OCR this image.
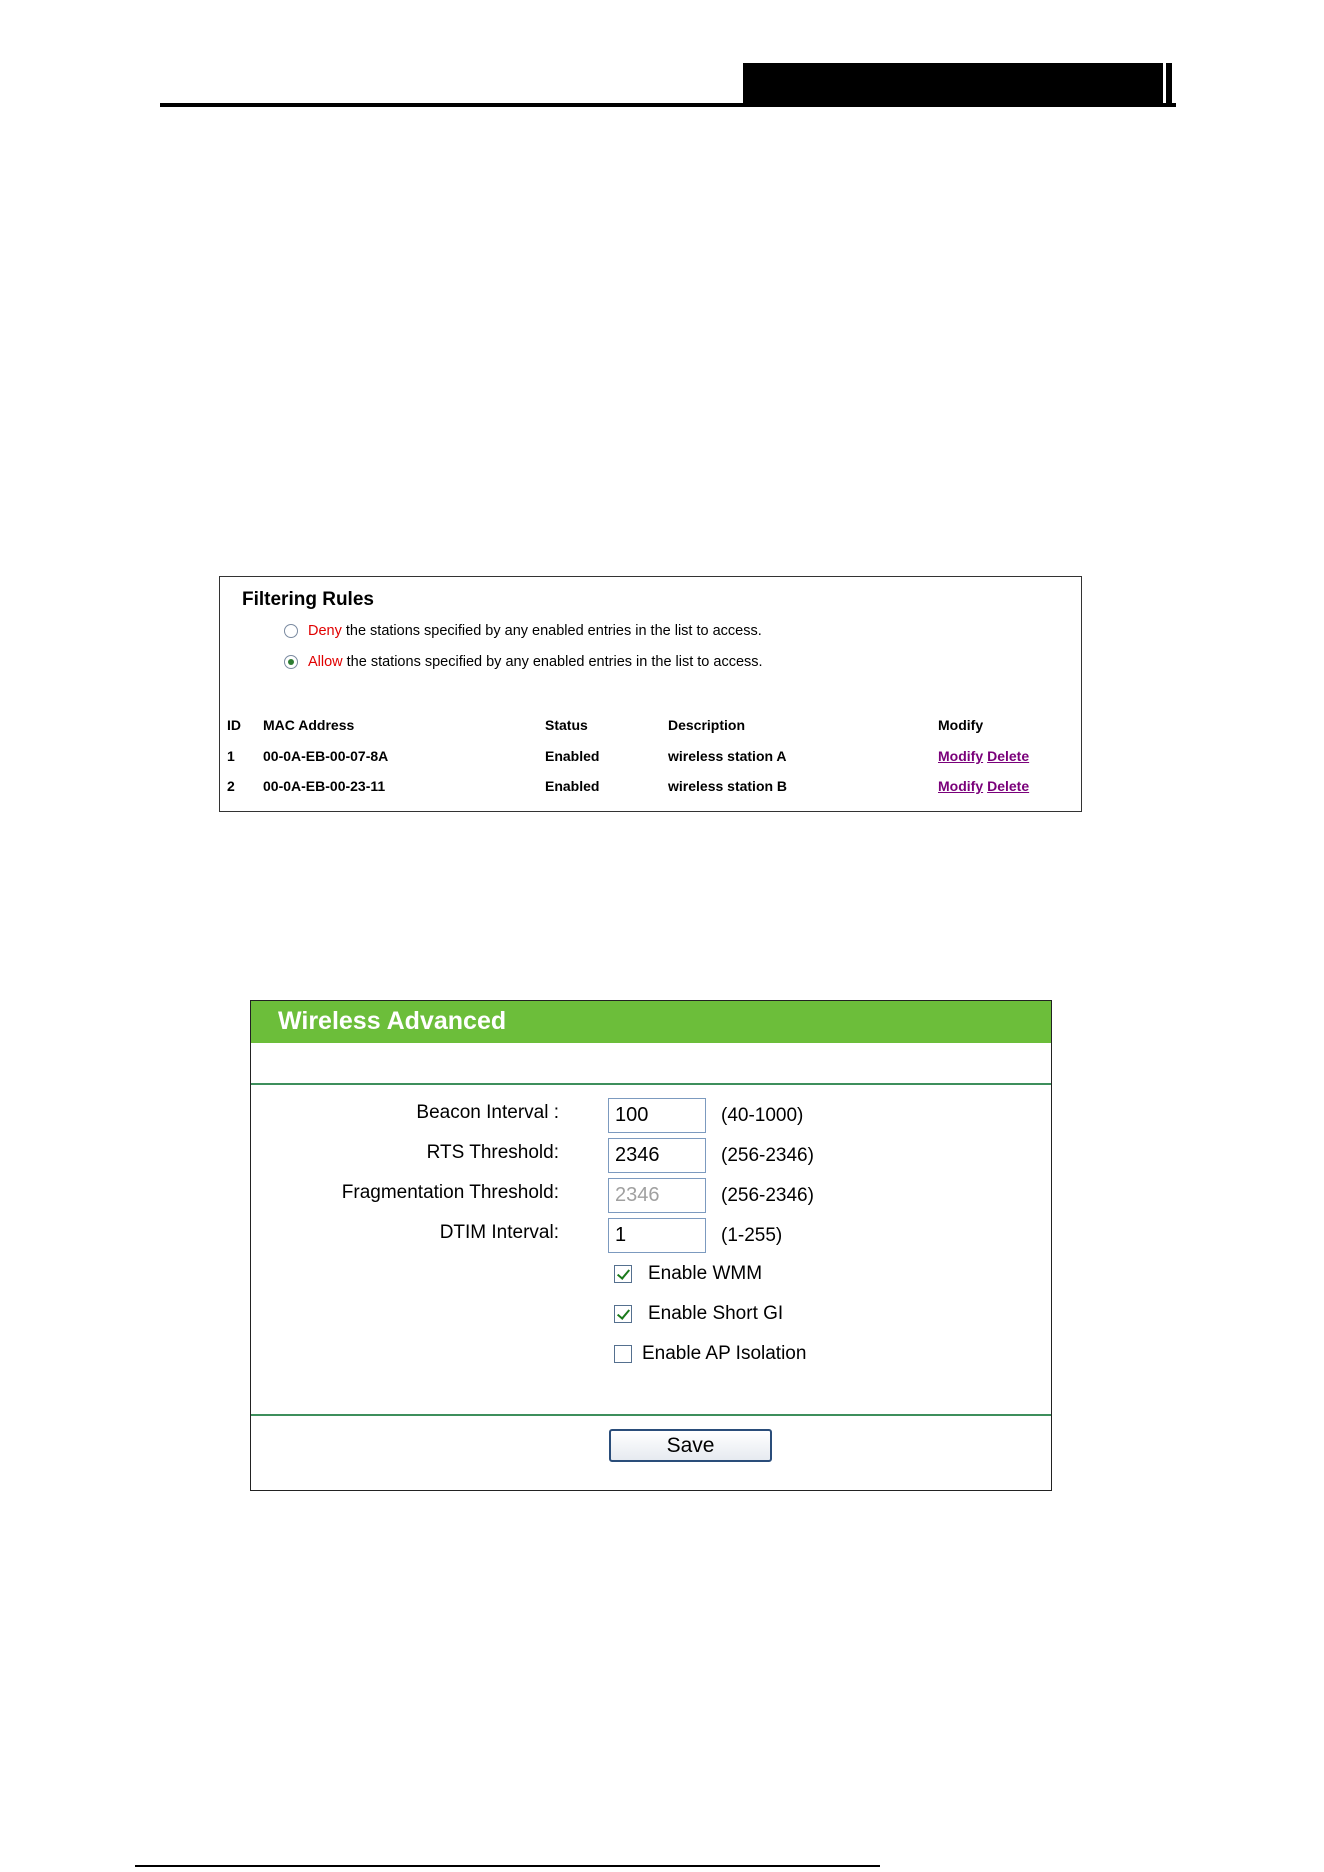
Filtering Rules
Deny the stations specified by any enabled entries in the list to access.
Allow the stations specified by any enabled entries in the list to access.
ID MAC Address	Status	Description	Modify
1 00-0A-EB-00-07-8A	Enabled	wireless station A	Modify Delete
2 00-0A-EB-00-23-11	Enabled	wireless station B	Modify Delete
Wireless Advanced
Beacon Interval :
100	(40-1000)
RTS Threshold:
2346	(256-2346)
Fragmentation Threshold:
2346	(256-2346)
DTIM Interval:
1	(1-255)
Enable WMM
Enable Short GI
Enable AP Isolation
Save
